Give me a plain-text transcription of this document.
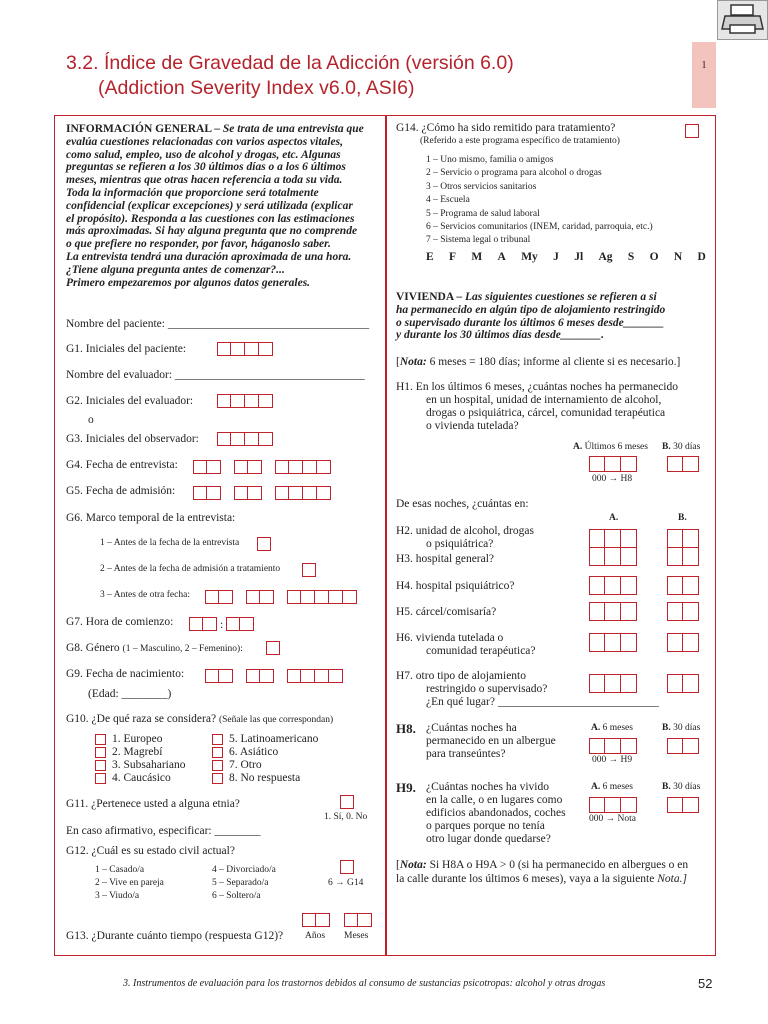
3.2. Índice de Gravedad de la Adicción (versión 6.0)
(Addiction Severity Index v6.0, ASI6)
1
INFORMACIÓN GENERAL – Se trata de una entrevista que
evalúa cuestiones relacionadas con varios aspectos vitales,
como salud, empleo, uso de alcohol y drogas, etc. Algunas
preguntas se refieren a los 30 últimos días o a los 6 últimos
meses, mientras que otras hacen referencia a toda su vida.
Toda la información que proporcione será totalmente
confidencial (explicar excepciones) y será utilizada (explicar
el propósito). Responda a las cuestiones con las estimaciones
más aproximadas. Si hay alguna pregunta que no comprende
o que prefiere no responder, por favor, háganoslo saber.
La entrevista tendrá una duración aproximada de una hora.
¿Tiene alguna pregunta antes de comenzar?...
Primero empezaremos por algunos datos generales.
Nombre del paciente: ___________________________________
G1. Iniciales del paciente:
Nombre del evaluador: _________________________________
G2. Iniciales del evaluador:
o
G3. Iniciales del observador:
G4. Fecha de entrevista:

G5. Fecha de admisión:

G6. Marco temporal de la entrevista:
1 – Antes de la fecha de la entrevista
2 – Antes de la fecha de admisión a tratamiento
3 – Antes de otra fecha:

G7. Hora de comienzo:	:
G8. Género (1 – Masculino, 2 – Femenino):
G9. Fecha de nacimiento:

(Edad: ________)
G10. ¿De qué raza se considera? (Señale las que correspondan)
1. Europeo
2. Magrebí
3. Subsahariano
4. Caucásico
5. Latinoamericano
6. Asiático
7. Otro
8. No respuesta
G11. ¿Pertenece usted a alguna etnia?
1. Sí, 0. No
En caso afirmativo, especificar: ________
G12. ¿Cuál es su estado civil actual?
1 – Casado/a
2 – Vive en pareja
3 – Viudo/a
4 – Divorciado/a
5 – Separado/a
6 – Soltero/a
6 → G14
G13. ¿Durante cuánto tiempo (respuesta G12)? Años Meses
G14. ¿Cómo ha sido remitido para tratamiento?
(Referido a este programa específico de tratamiento)
1 – Uno mismo, familia o amigos
2 – Servicio o programa para alcohol o drogas
3 – Otros servicios sanitarios
4 – Escuela
5 – Programa de salud laboral
6 – Servicios comunitarios (INEM, caridad, parroquia, etc.)
7 – Sistema legal o tribunal
E F M A My J Jl Ag S O N D
VIVIENDA – Las siguientes cuestiones se refieren a si
ha permanecido en algún tipo de alojamiento restringido
o supervisado durante los últimos 6 meses desde_______
y durante los 30 últimos días desde_______.
[Nota: 6 meses = 180 días; informe al cliente si es necesario.]
H1. En los últimos 6 meses, ¿cuántas noches ha permanecido
en un hospital, unidad de internamiento de alcohol,
drogas o psiquiátrica, cárcel, comunidad terapéutica
o vivienda tutelada?
A. Últimos 6 meses B. 30 días
000 → H8
De esas noches, ¿cuántas en:
A.	B.
H2. unidad de alcohol, drogas
o psiquiátrica?
H3. hospital general?

H4. hospital psiquiátrico?
H5. cárcel/comisaría?
H6. vivienda tutelada o
comunidad terapéutica?
H7. otro tipo de alojamiento
restringido o supervisado?
¿En qué lugar? ____________________________
H8. ¿Cuántas noches ha
permanecido en un albergue
para transeúntes?
A. 6 meses	B. 30 días
000 → H9
H9. ¿Cuántas noches ha vivido
en la calle, o en lugares como
edificios abandonados, coches
o parques porque no tenía
otro lugar donde quedarse?
A. 6 meses	B. 30 días
000 → Nota
[Nota: Si H8A o H9A > 0 (si ha permanecido en albergues o en
la calle durante los últimos 6 meses), vaya a la siguiente Nota.]
3. Instrumentos de evaluación para los trastornos debidos al consumo de sustancias psicotropas: alcohol y otras drogas	52
